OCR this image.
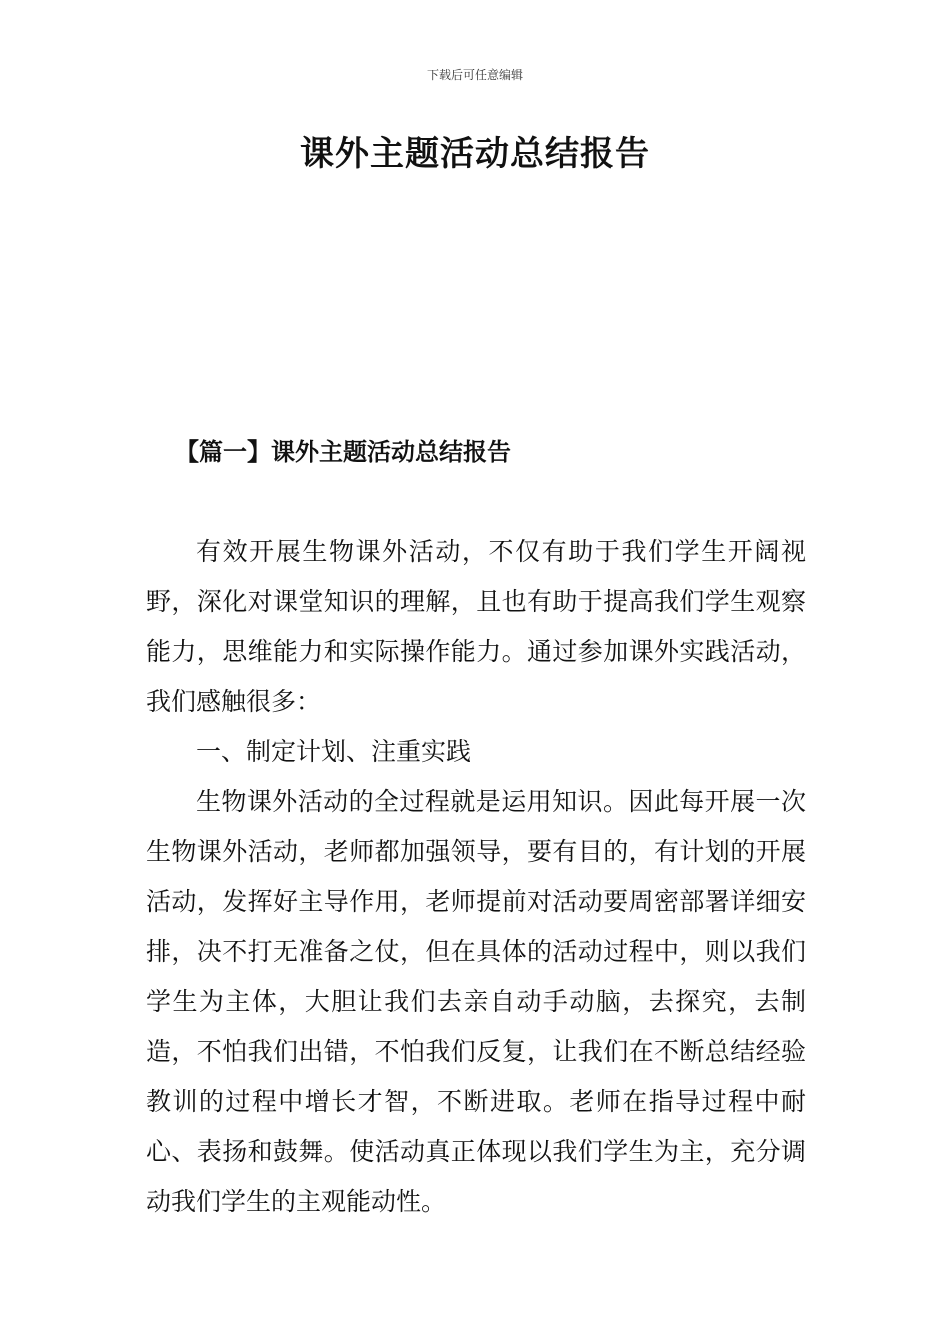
下载后可任意编辑
课外主题活动总结报告
【篇一】课外主题活动总结报告

有效开展生物课外活动，不仅有助于我们学生开阔视野，深化对课堂知识的理解，且也有助于提高我们学生观察能力，思维能力和实际操作能力。通过参加课外实践活动，我们感触很多：

一、制定计划、注重实践

生物课外活动的全过程就是运用知识。因此每开展一次生物课外活动，老师都加强领导，要有目的，有计划的开展活动，发挥好主导作用，老师提前对活动要周密部署详细安排，决不打无准备之仗，但在具体的活动过程中，则以我们学生为主体，大胆让我们去亲自动手动脑，去探究，去制造，不怕我们出错，不怕我们反复，让我们在不断总结经验教训的过程中增长才智，不断进取。老师在指导过程中耐心、表扬和鼓舞。使活动真正体现以我们学生为主，充分调动我们学生的主观能动性。
